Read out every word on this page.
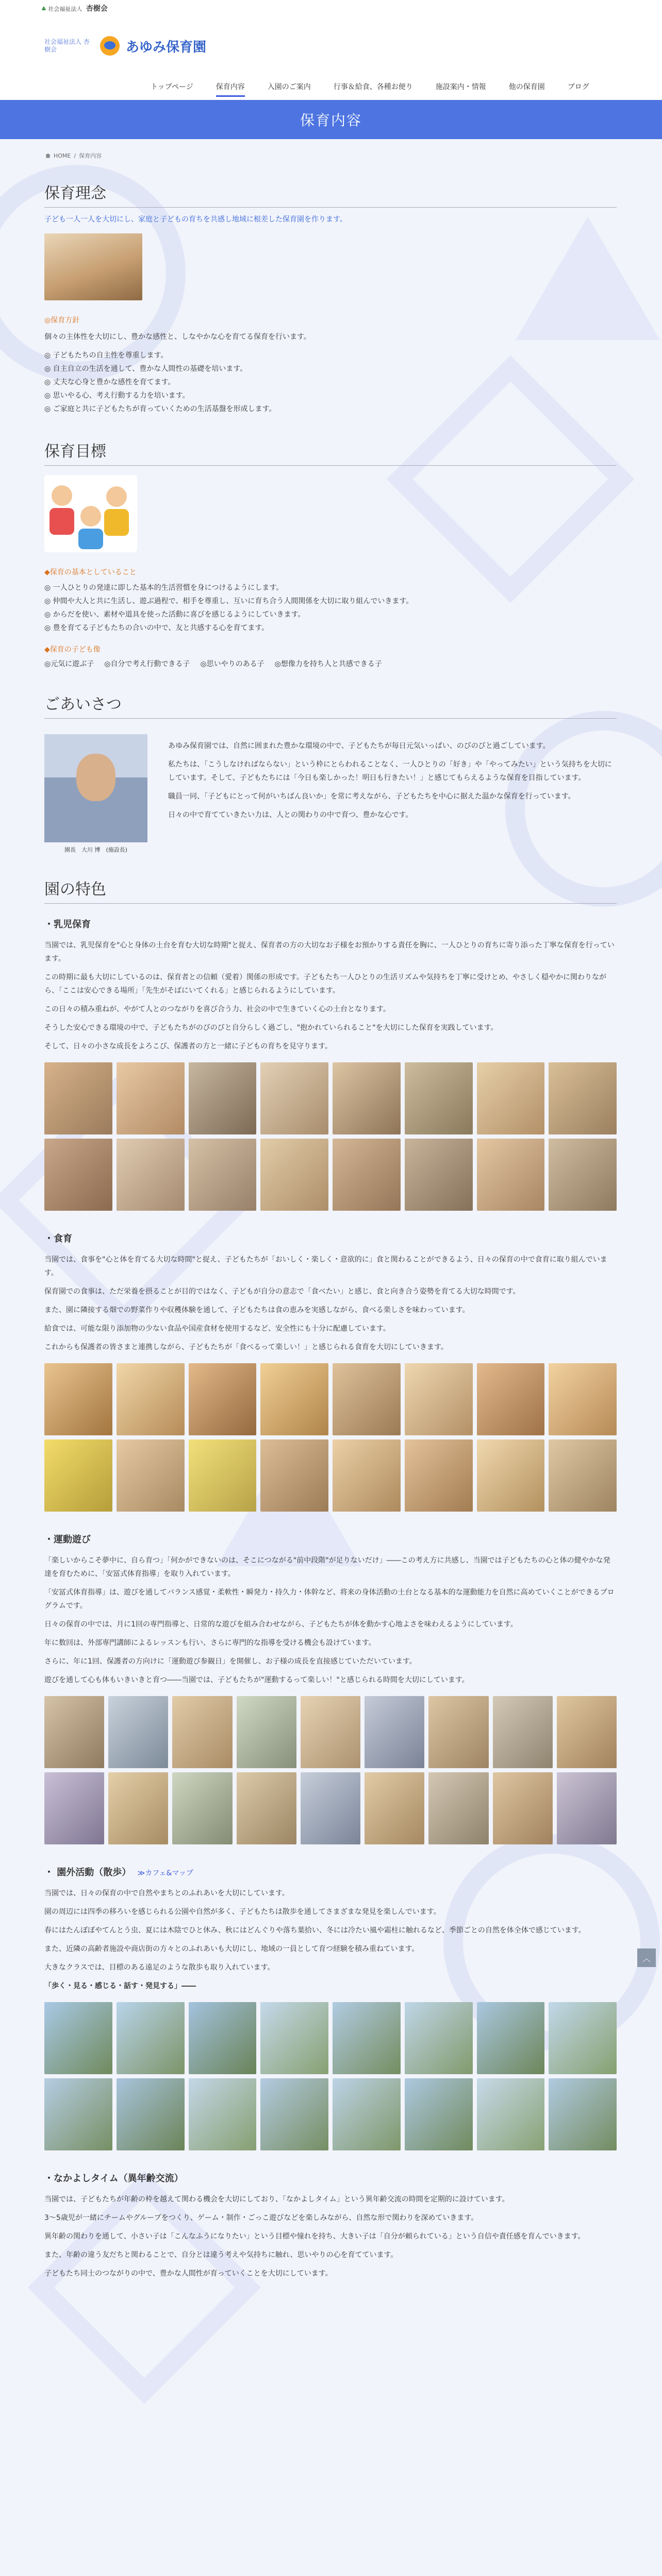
♣ 社会福祉法人 杏樹会
社会福祉法人 杏樹会	あゆみ保育園
トップページ	保育内容	入園のご案内	行事＆給食、各種お便り	施設案内・情報	他の保育園	ブログ
保育内容
HOME / 保育内容
保育理念

子ども一人一人を大切にし、家庭と子どもの育ちを共感し地域に根差した保育園を作ります。

◎保育方針

個々の主体性を大切にし、豊かな感性と、しなやかな心を育てる保育を行います。

◎ 子どもたちの自主性を尊重します。
◎ 自主自立の生活を通して、豊かな人間性の基礎を培います。
◎ 丈夫な心身と豊かな感性を育てます。
◎ 思いやる心、考え行動する力を培います。
◎ ご家庭と共に子どもたちが育っていくための生活基盤を形成します。
保育目標

◆保育の基本としていること

◎ 一人ひとりの発達に即した基本的生活習慣を身につけるようにします。
◎ 仲間や大人と共に生活し、遊ぶ過程で、相手を尊重し、互いに育ち合う人間関係を大切に取り組んでいきます。
◎ からだを使い、素材や道具を使った活動に喜びを感じるようにしていきます。
◎ 豊を育てる子どもたちの合いの中で、友と共感する心を育てます。

◆保育の子ども像

◎ 元気に遊ぶ子	◎ 自分で考え行動できる子	◎ 思いやりのある子	◎ 想像力を持ち人と共感できる子
ごあいさつ
園長　大川 博　(施設長)

あゆみ保育園では、自然に囲まれた豊かな環境の中で、子どもたちが毎日元気いっぱい、のびのびと過ごしています。

私たちは、「こうしなければならない」という枠にとらわれることなく、一人ひとりの「好き」や「やってみたい」という気持ちを大切にしています。そして、子どもたちには「今日も楽しかった！明日も行きたい！」と感じてもらえるような保育を目指しています。

職員一同、「子どもにとって何がいちばん良いか」を常に考えながら、子どもたちを中心に据えた温かな保育を行っています。

日々の中で育てていきたい力は、人との関わりの中で育つ、豊かな心です。

園の特色
・ 乳児保育

当園では、乳児保育を"心と身体の土台を育む大切な時期"と捉え、保育者の方の大切なお子様をお預かりする責任を胸に、一人ひとりの育ちに寄り添った丁寧な保育を行っています。

この時期に最も大切にしているのは、保育者との信頼（愛着）関係の形成です。子どもたち一人ひとりの生活リズムや気持ちを丁寧に受けとめ、やさしく穏やかに関わりながら、「ここは安心できる場所」「先生がそばにいてくれる」と感じられるようにしています。

この日々の積み重ねが、やがて人とのつながりを喜び合う力、社会の中で生きていく心の土台となります。

そうした安心できる環境の中で、子どもたちがのびのびと自分らしく過ごし、"抱かれていられること"を大切にした保育を実践しています。

そして、日々の小さな成長をよろこび、保護者の方と一緒に子どもの育ちを見守ります。

・ 食育

当園では、食事を"心と体を育てる大切な時間"と捉え、子どもたちが「おいしく・楽しく・意欲的に」食と関わることができるよう、日々の保育の中で食育に取り組んでいます。

保育園での食事は、ただ栄養を摂ることが目的ではなく、子どもが自分の意志で「食べたい」と感じ、食と向き合う姿勢を育てる大切な時間です。

また、園に隣接する畑での野菜作りや収穫体験を通して、子どもたちは食の恵みを実感しながら、食べる楽しさを味わっています。

給食では、可能な限り添加物の少ない食品や国産食材を使用するなど、安全性にも十分に配慮しています。

これからも保護者の皆さまと連携しながら、子どもたちが「食べるって楽しい！」と感じられる食育を大切にしていきます。

・ 運動遊び

「楽しいからこそ夢中に、自ら育つ」「何かができないのは、そこにつながる"前中段階"が足りないだけ」――この考え方に共感し、当園では子どもたちの心と体の健やかな発達を育むために、「安冨式体育指導」を取り入れています。

「安冨式体育指導」は、遊びを通してバランス感覚・柔軟性・瞬発力・持久力・体幹など、将来の身体活動の土台となる基本的な運動能力を自然に高めていくことができるプログラムです。

日々の保育の中では、月に1回の専門指導と、日常的な遊びを組み合わせながら、子どもたちが体を動かす心地よさを味わえるようにしています。

年に数回は、外部専門講師によるレッスンも行い、さらに専門的な指導を受ける機会も設けています。

さらに、年に1回、保護者の方向けに「運動遊び参観日」を開催し、お子様の成長を直接感じていただいています。

遊びを通して心も体もいきいきと育つ――当園では、子どもたちが"運動するって楽しい！"と感じられる時間を大切にしています。

・ 園外活動（散歩） ≫カフェ&マップ

当園では、日々の保育の中で自然やまちとのふれあいを大切にしています。

園の周辺には四季の移ろいを感じられる公園や自然が多く、子どもたちは散歩を通してさまざまな発見を楽しんでいます。

春にはたんぽぽやてんとう虫、夏には木陰でひと休み、秋にはどんぐりや落ち葉拾い、冬には冷たい風や霜柱に触れるなど、季節ごとの自然を体全体で感じています。

また、近隣の高齢者施設や商店街の方々とのふれあいも大切にし、地域の一員として育つ経験を積み重ねています。

大きなクラスでは、目標のある遠足のような散歩も取り入れています。

「歩く・見る・感じる・話す・発見する」――

・ なかよしタイム（異年齢交流）

当園では、子どもたちが年齢の枠を越えて関わる機会を大切にしており、「なかよしタイム」という異年齢交流の時間を定期的に設けています。

3〜5歳児が一緒にチームやグループをつくり、ゲーム・制作・ごっこ遊びなどを楽しみながら、自然な形で関わりを深めていきます。

異年齢の関わりを通して、小さい子は「こんなふうになりたい」という目標や憧れを持ち、大きい子は「自分が頼られている」という自信や責任感を育んでいきます。

また、年齢の違う友だちと関わることで、自分とは違う考えや気持ちに触れ、思いやりの心を育てています。

子どもたち同士のつながりの中で、豊かな人間性が育っていくことを大切にしています。

︿
